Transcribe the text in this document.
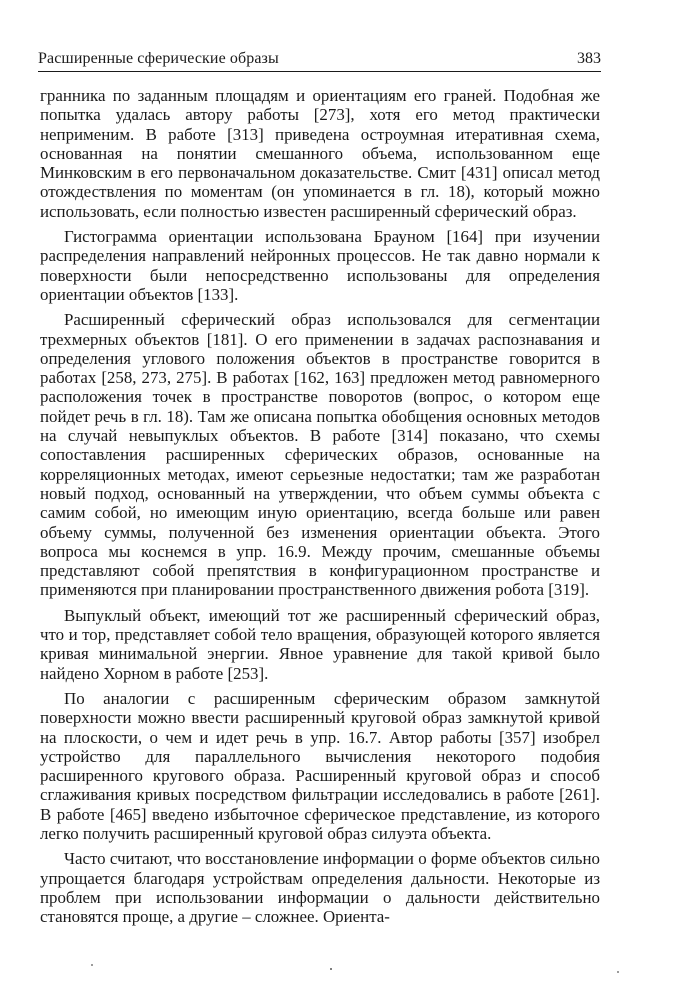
Расширенные сферические образы	383

гранника по заданным площадям и ориентациям его граней. Подобная же попытка удалась автору работы [273], хотя его метод практически неприменим. В работе [313] приведена остроумная итеративная схема, основанная на понятии смешанного объема, использованном еще Минковским в его первоначальном доказательстве. Смит [431] описал метод отождествления по моментам (он упоминается в гл. 18), который можно использовать, если полностью известен расширенный сферический образ.

Гистограмма ориентации использована Брауном [164] при изучении распределения направлений нейронных процессов. Не так давно нормали к поверхности были непосредственно использованы для определения ориентации объектов [133].

Расширенный сферический образ использовался для сегментации трехмерных объектов [181]. О его применении в задачах распознавания и определения углового положения объектов в пространстве говорится в работах [258, 273, 275]. В работах [162, 163] предложен метод равномерного расположения точек в пространстве поворотов (вопрос, о котором еще пойдет речь в гл. 18). Там же описана попытка обобщения основных методов на случай невыпуклых объектов. В работе [314] показано, что схемы сопоставления расширенных сферических образов, основанные на корреляционных методах, имеют серьезные недостатки; там же разработан новый подход, основанный на утверждении, что объем суммы объекта с самим собой, но имеющим иную ориентацию, всегда больше или равен объему суммы, полученной без изменения ориентации объекта. Этого вопроса мы коснемся в упр. 16.9. Между прочим, смешанные объемы представляют собой препятствия в конфигурационном пространстве и применяются при планировании пространственного движения робота [319].

Выпуклый объект, имеющий тот же расширенный сферический образ, что и тор, представляет собой тело вращения, образующей которого является кривая минимальной энергии. Явное уравнение для такой кривой было найдено Хорном в работе [253].

По аналогии с расширенным сферическим образом замкнутой поверхности можно ввести расширенный круговой образ замкнутой кривой на плоскости, о чем и идет речь в упр. 16.7. Автор работы [357] изобрел устройство для параллельного вычисления некоторого подобия расширенного кругового образа. Расширенный круговой образ и способ сглаживания кривых посредством фильтрации исследовались в работе [261]. В работе [465] введено избыточное сферическое представление, из которого легко получить расширенный круговой образ силуэта объекта.

Часто считают, что восстановление информации о форме объектов сильно упрощается благодаря устройствам определения дальности. Некоторые из проблем при использовании информации о дальности действительно становятся проще, а другие – сложнее. Ориента-
